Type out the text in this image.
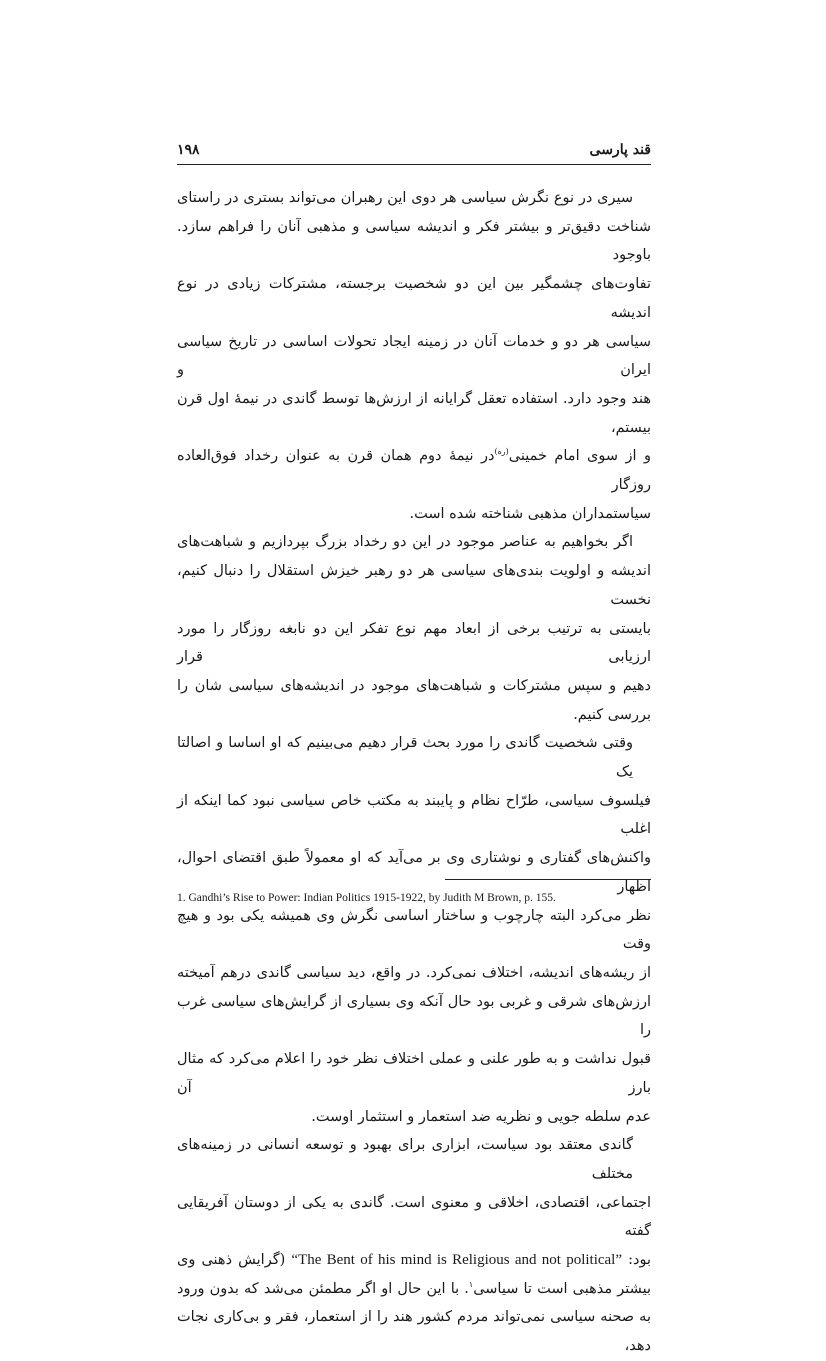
قند پارسی
۱۹۸
سیری در نوع نگرش سیاسی هر دوی این رهبران می‌تواند بستری در راستای
شناخت دقیق‌تر و بیشتر فکر و اندیشه سیاسی و مذهبی آنان را فراهم سازد. باوجود
تفاوت‌های چشمگیر بین این دو شخصیت برجسته، مشترکات زیادی در نوع اندیشه
سیاسی هر دو و خدمات آنان در زمینه ایجاد تحولات اساسی در تاریخ سیاسی ایران و
هند وجود دارد. استفاده تعقل گرایانه از ارزش‌ها توسط گاندی در نیمهٔ اول قرن بیستم،
و از سوی امام خمینی$^{(ره)}$در نیمهٔ دوم همان قرن به عنوان رخداد فوق‌العاده روزگار
سیاستمداران مذهبی شناخته شده است.
اگر بخواهیم به عناصر موجود در این دو رخداد بزرگ بپردازیم و شباهت‌های
اندیشه و اولویت بندی‌های سیاسی هر دو رهبر خیزش استقلال را دنبال کنیم، نخست
بایستی به ترتیب برخی از ابعاد مهم نوع تفکر این دو نابغه روزگار را مورد ارزیابی قرار
دهیم و سپس مشترکات و شباهت‌های موجود در اندیشه‌های سیاسی شان را بررسی کنیم.
وقتی شخصیت گاندی را مورد بحث قرار دهیم می‌بینیم که او اساسا و اصالتا یک
فیلسوف سیاسی، طرّاح نظام و پایبند به مکتب خاص سیاسی نبود کما اینکه از اغلب
واکنش‌های گفتاری و نوشتاری وی بر می‌آید که او معمولاً طبق اقتضای احوال، اظهار
نظر می‌کرد البته چارچوب و ساختار اساسی نگرش وی همیشه یکی بود و هیچ وقت
از ریشه‌های اندیشه، اختلاف نمی‌کرد. در واقع، دید سیاسی گاندی درهم آمیخته
ارزش‌های شرقی و غربی بود حال آنکه وی بسیاری از گرایش‌های سیاسی غرب را
قبول نداشت و به طور علنی و عملی اختلاف نظر خود را اعلام می‌کرد که مثال بارز آن
عدم سلطه جویی و نظریه ضد استعمار و استثمار اوست.
گاندی معتقد بود سیاست، ابزاری برای بهبود و توسعه انسانی در زمینه‌های مختلف
اجتماعی، اقتصادی، اخلاقی و معنوی است. گاندی به یکی از دوستان آفریقایی گفته
بود: “The Bent of his mind is Religious and not political” (گرایش ذهنی وی
بیشتر مذهبی است تا سیاسی$^۱$. با این حال او اگر مطمئن می‌شد که بدون ورود
به صحنه سیاسی نمی‌تواند مردم کشور هند را از استعمار، فقر و بی‌کاری نجات دهد،
1. Gandhi’s Rise to Power: Indian Politics 1915-1922, by Judith M Brown, p. 155.
